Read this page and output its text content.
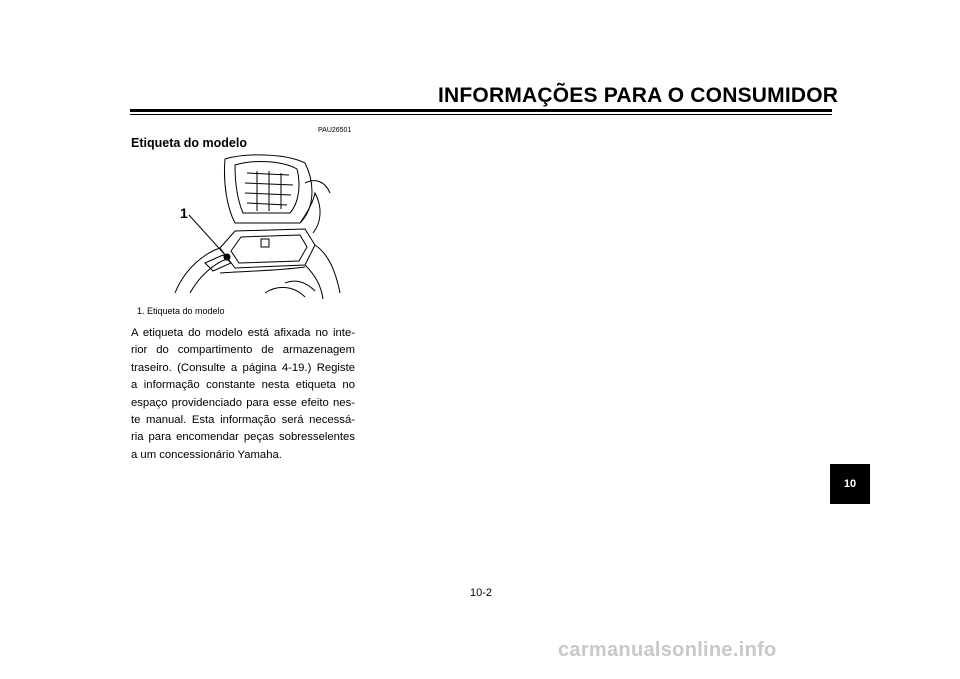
INFORMAÇÕES PARA O CONSUMIDOR
PAU26501
Etiqueta do modelo
1
1. Etiqueta do modelo
A etiqueta do modelo está afixada no inte-
rior do compartimento de armazenagem
traseiro. (Consulte a página 4-19.) Registe
a informação constante nesta etiqueta no
espaço providenciado para esse efeito nes-
te manual. Esta informação será necessá-
ria para encomendar peças sobresselentes
a um concessionário Yamaha.
10
10-2
carmanualsonline.info
